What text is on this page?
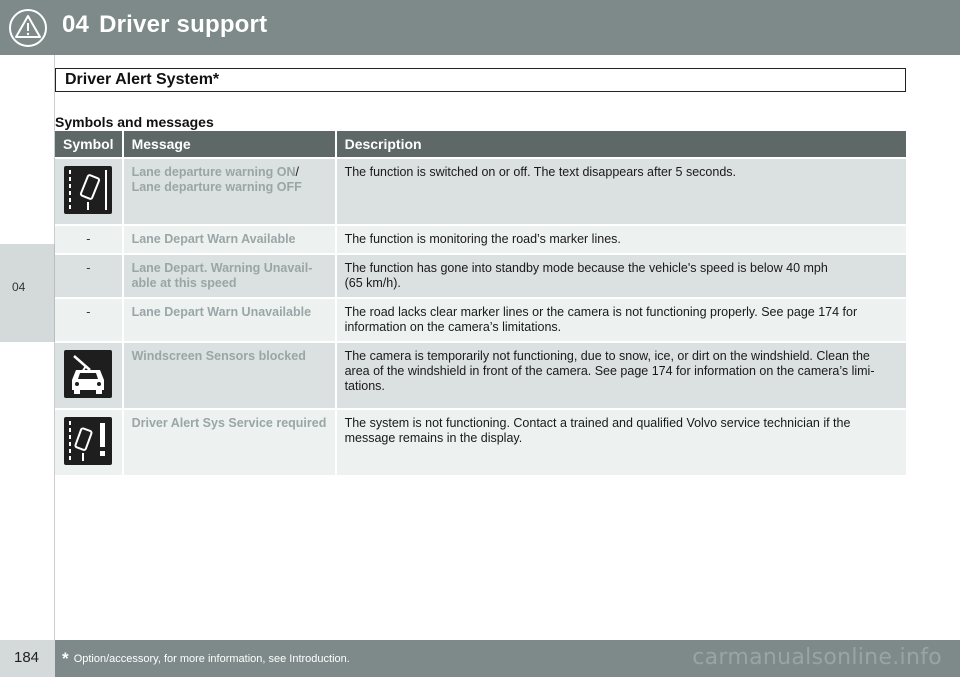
04 Driver support
04
Driver Alert System*
Symbols and messages
Symbol	Message	Description

	Lane departure warning ON/
Lane departure warning OFF	The function is switched on or off. The text disappears after 5 seconds.

-	Lane Depart Warn Available	The function is monitoring the road’s marker lines.

-	Lane Depart. Warning Unavail-able at this speed	The function has gone into standby mode because the vehicle's speed is below 40 mph
(65 km/h).

-	Lane Depart Warn Unavailable	The road lacks clear marker lines or the camera is not functioning properly. See page 174 for information on the camera’s limitations.

	Windscreen Sensors blocked	The camera is temporarily not functioning, due to snow, ice, or dirt on the windshield. Clean the area of the windshield in front of the camera. See page 174 for information on the camera’s limi-tations.

	Driver Alert Sys Service required	The system is not functioning. Contact a trained and qualified Volvo service technician if the message remains in the display.
184 * Option/accessory, for more information, see Introduction.	carmanualsonline.info
